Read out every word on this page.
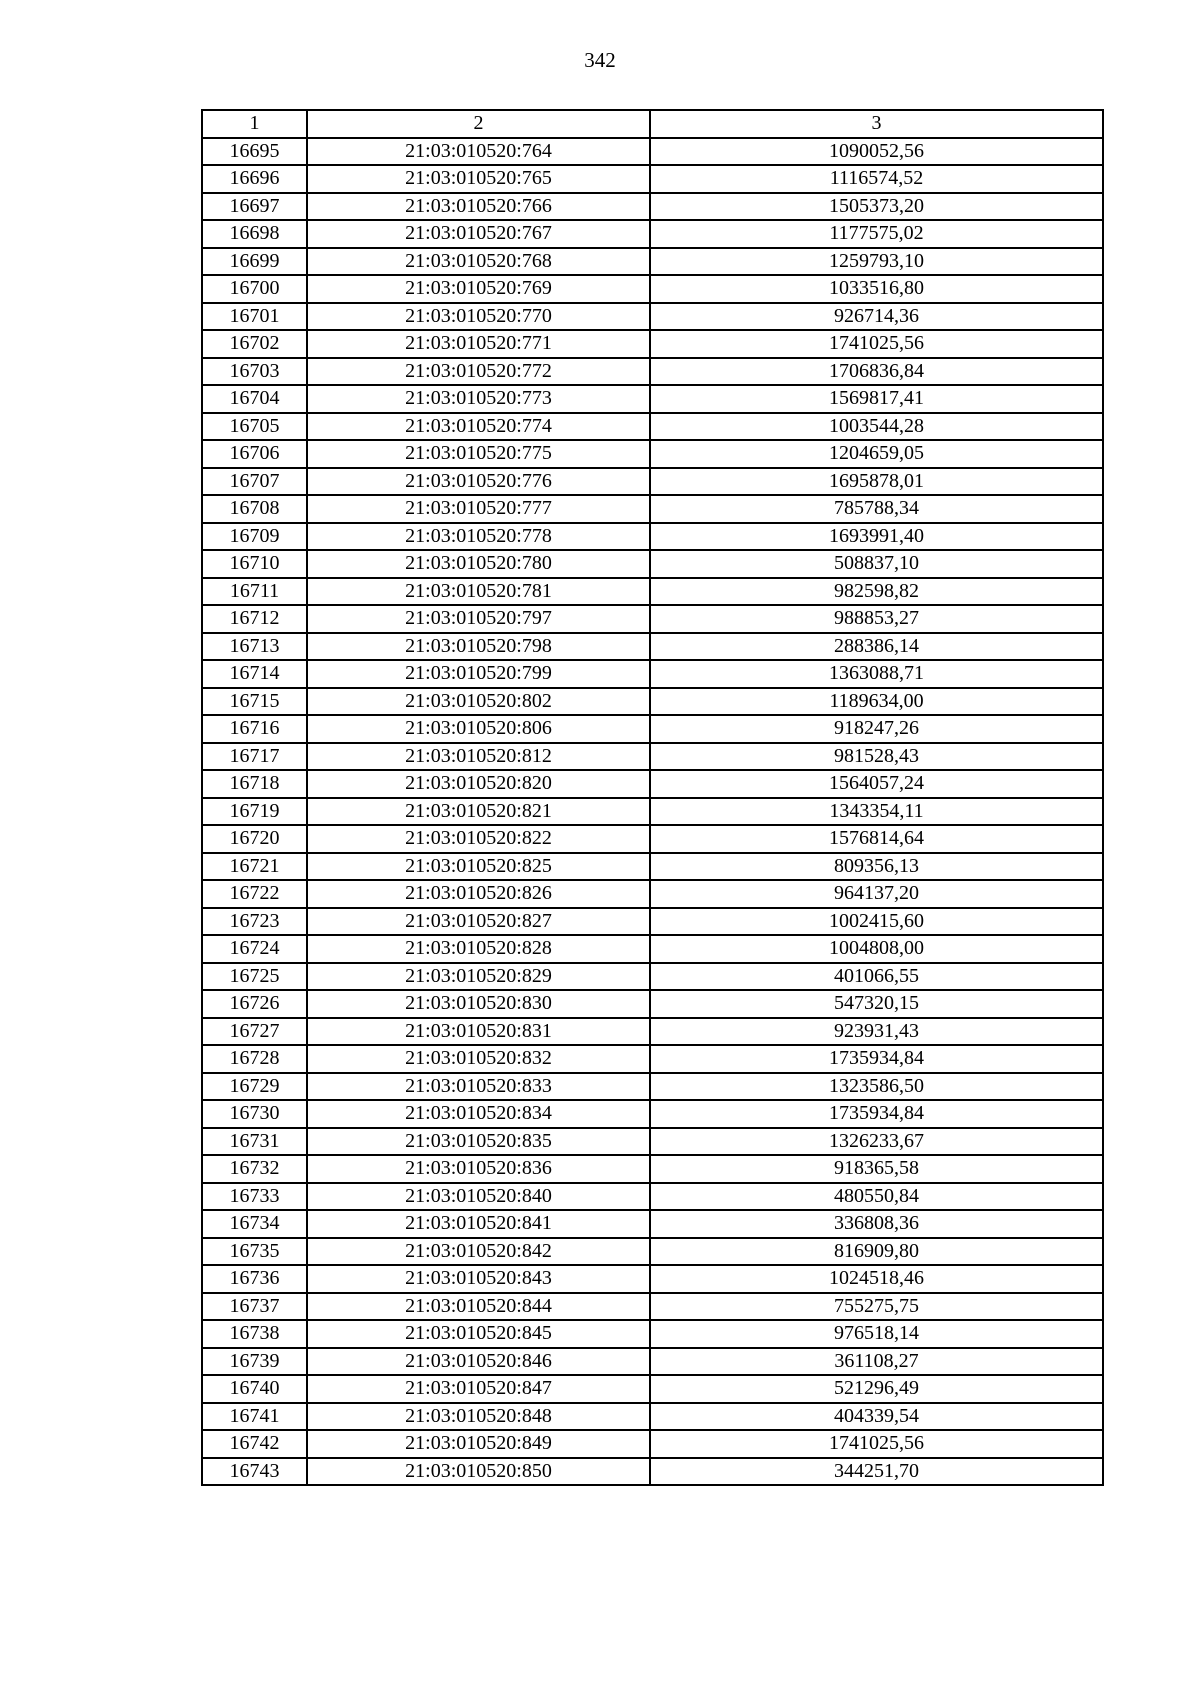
342
1	2	3
16695	21:03:010520:764	1090052,56
16696	21:03:010520:765	1116574,52
16697	21:03:010520:766	1505373,20
16698	21:03:010520:767	1177575,02
16699	21:03:010520:768	1259793,10
16700	21:03:010520:769	1033516,80
16701	21:03:010520:770	926714,36
16702	21:03:010520:771	1741025,56
16703	21:03:010520:772	1706836,84
16704	21:03:010520:773	1569817,41
16705	21:03:010520:774	1003544,28
16706	21:03:010520:775	1204659,05
16707	21:03:010520:776	1695878,01
16708	21:03:010520:777	785788,34
16709	21:03:010520:778	1693991,40
16710	21:03:010520:780	508837,10
16711	21:03:010520:781	982598,82
16712	21:03:010520:797	988853,27
16713	21:03:010520:798	288386,14
16714	21:03:010520:799	1363088,71
16715	21:03:010520:802	1189634,00
16716	21:03:010520:806	918247,26
16717	21:03:010520:812	981528,43
16718	21:03:010520:820	1564057,24
16719	21:03:010520:821	1343354,11
16720	21:03:010520:822	1576814,64
16721	21:03:010520:825	809356,13
16722	21:03:010520:826	964137,20
16723	21:03:010520:827	1002415,60
16724	21:03:010520:828	1004808,00
16725	21:03:010520:829	401066,55
16726	21:03:010520:830	547320,15
16727	21:03:010520:831	923931,43
16728	21:03:010520:832	1735934,84
16729	21:03:010520:833	1323586,50
16730	21:03:010520:834	1735934,84
16731	21:03:010520:835	1326233,67
16732	21:03:010520:836	918365,58
16733	21:03:010520:840	480550,84
16734	21:03:010520:841	336808,36
16735	21:03:010520:842	816909,80
16736	21:03:010520:843	1024518,46
16737	21:03:010520:844	755275,75
16738	21:03:010520:845	976518,14
16739	21:03:010520:846	361108,27
16740	21:03:010520:847	521296,49
16741	21:03:010520:848	404339,54
16742	21:03:010520:849	1741025,56
16743	21:03:010520:850	344251,70
